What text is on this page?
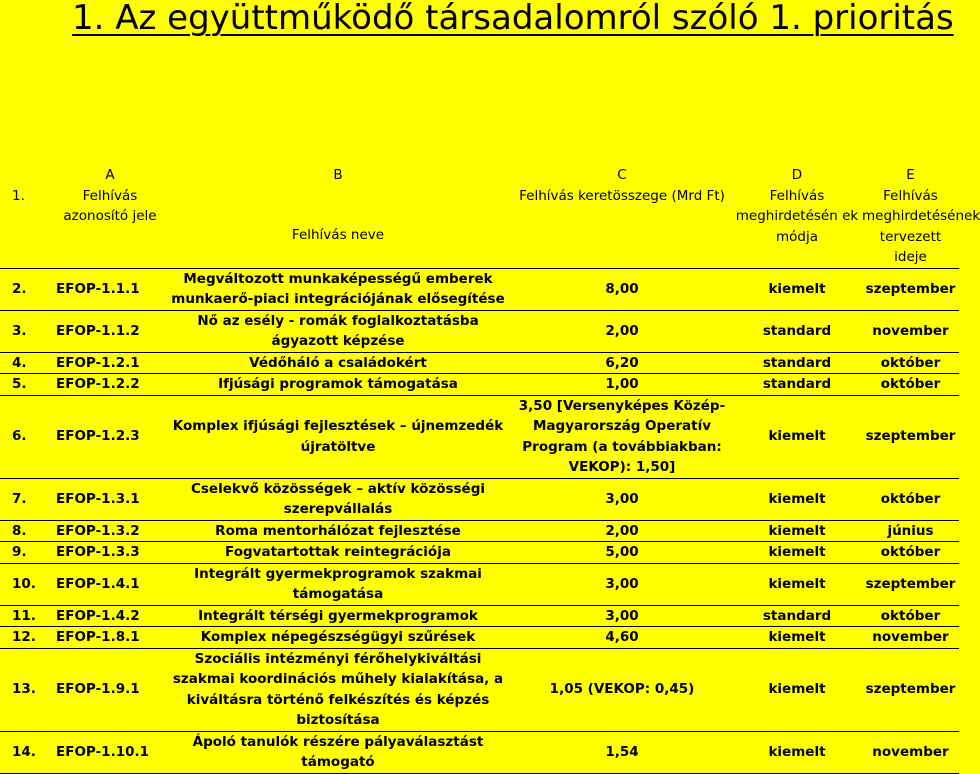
1. Az együttműködő társadalomról szóló 1. prioritás
	A	B	C	D	E
1.	Felhívás azonosító jele	Felhívás neve	Felhívás keretösszege (Mrd Ft)	Felhívás meghirdetésén ek módja	Felhívás meghirdetésének tervezett ideje
2.	EFOP-1.1.1	Megváltozott munkaképességű emberek munkaerő-piaci integrációjának elősegítése	8,00	kiemelt	szeptember
3.	EFOP-1.1.2	Nő az esély - romák foglalkoztatásba ágyazott képzése	2,00	standard	november
4.	EFOP-1.2.1	Védőháló a családokért	6,20	standard	október
5.	EFOP-1.2.2	Ifjúsági programok támogatása	1,00	standard	október
6.	EFOP-1.2.3	Komplex ifjúsági fejlesztések – újnemzedék újratöltve	3,50 [Versenyképes Közép- Magyarország Operatív Program (a továbbiakban: VEKOP): 1,50]	kiemelt	szeptember
7.	EFOP-1.3.1	Cselekvő közösségek – aktív közösségi szerepvállalás	3,00	kiemelt	október
8.	EFOP-1.3.2	Roma mentorhálózat fejlesztése	2,00	kiemelt	június
9.	EFOP-1.3.3	Fogvatartottak reintegrációja	5,00	kiemelt	október
10.	EFOP-1.4.1	Integrált gyermekprogramok szakmai támogatása	3,00	kiemelt	szeptember
11.	EFOP-1.4.2	Integrált térségi gyermekprogramok	3,00	standard	október
12.	EFOP-1.8.1	Komplex népegészségügyi szűrések	4,60	kiemelt	november
13.	EFOP-1.9.1	Szociális intézményi férőhelykiváltási szakmai koordinációs műhely kialakítása, a kiváltásra történő felkészítés és képzés biztosítása	1,05 (VEKOP: 0,45)	kiemelt	szeptember
14.	EFOP-1.10.1	Ápoló tanulók részére pályaválasztást támogató	1,54	kiemelt	november
